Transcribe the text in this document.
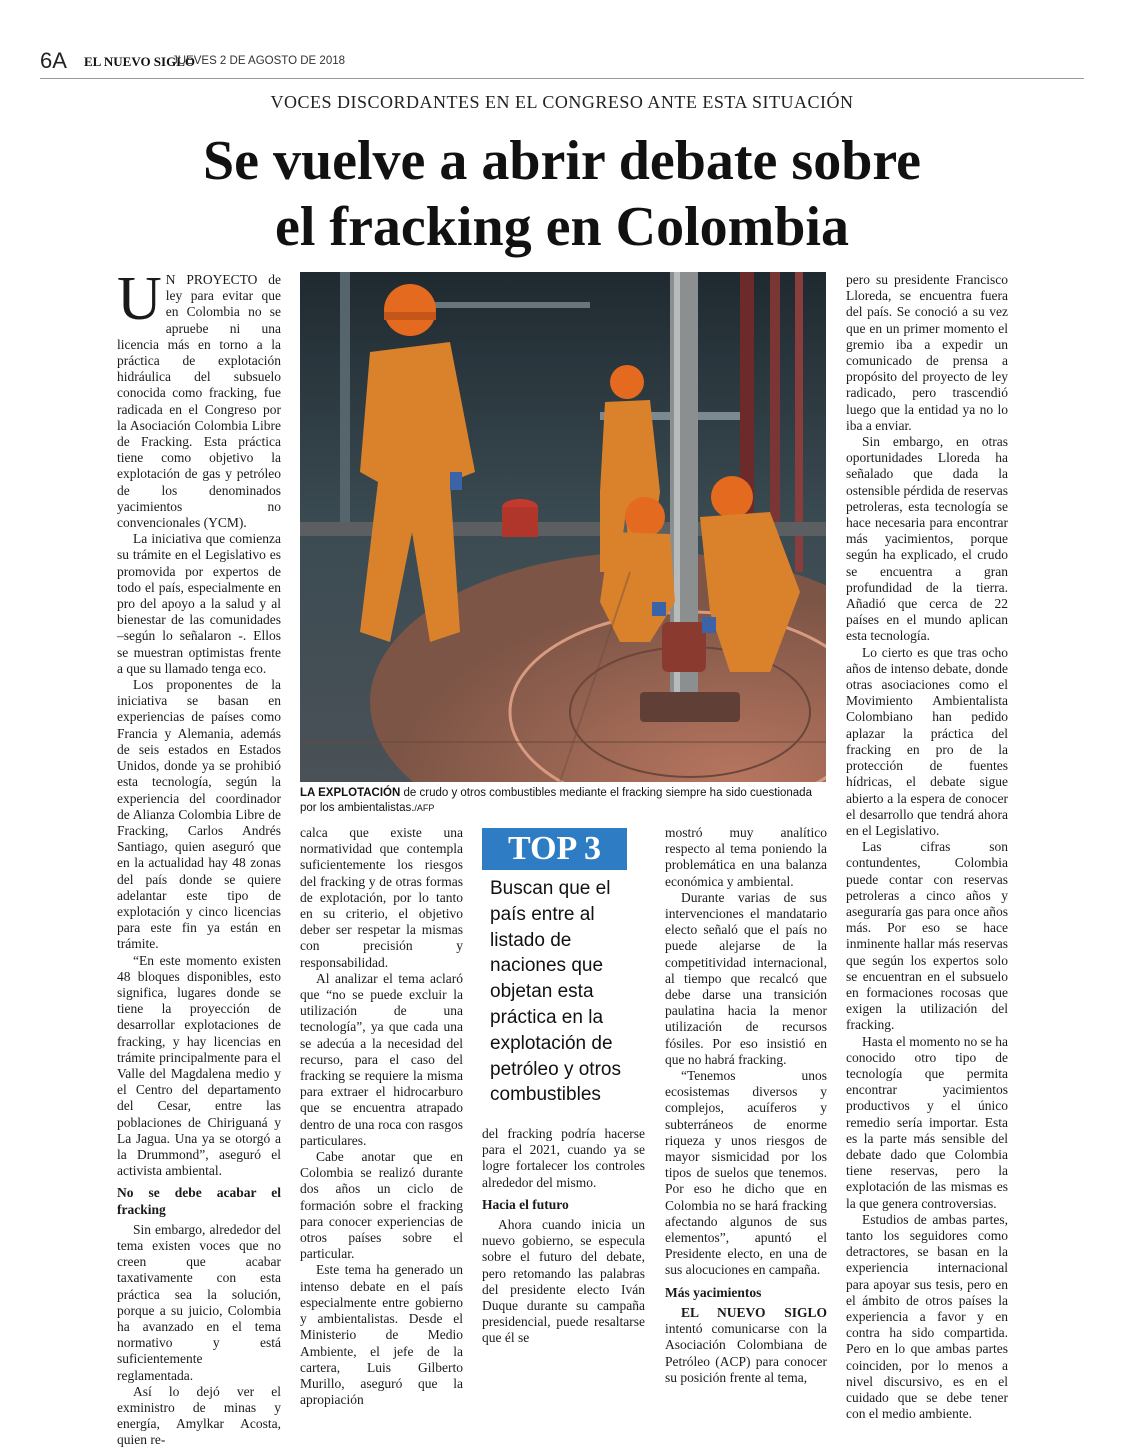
6A EL NUEVO SIGLO
JUEVES 2 DE AGOSTO DE 2018
VOCES DISCORDANTES EN EL CONGRESO ANTE ESTA SITUACIÓN
Se vuelve a abrir debate sobre
el fracking en Colombia

U N PROYECTO de ley para evitar que en Colombia no se apruebe ni una licencia más en torno a la práctica de explotación hidráulica del subsuelo conocida como fracking, fue radicada en el Congreso por la Asociación Colombia Libre de Fracking. Esta práctica tiene como objetivo la explotación de gas y petróleo de los denominados yacimientos no convencionales (YCM).

La iniciativa que comienza su trámite en el Legislativo es promovida por expertos de todo el país, especialmente en pro del apoyo a la salud y al bienestar de las comunidades –según lo señalaron -. Ellos se muestran optimistas frente a que su llamado tenga eco.

Los proponentes de la iniciativa se basan en experiencias de países como Francia y Alemania, además de seis estados en Estados Unidos, donde ya se prohibió esta tecnología, según la experiencia del coordinador de Alianza Colombia Libre de Fracking, Carlos Andrés Santiago, quien aseguró que en la actualidad hay 48 zonas del país donde se quiere adelantar este tipo de explotación y cinco licencias para este fin ya están en trámite.

“En este momento existen 48 bloques disponibles, esto significa, lugares donde se tiene la proyección de desarrollar explotaciones de fracking, y hay licencias en trámite principalmente para el Valle del Magdalena medio y el Centro del departamento del Cesar, entre las poblaciones de Chiriguaná y La Jagua. Una ya se otorgó a la Drummond”, aseguró el activista ambiental.

No se debe acabar el fracking

Sin embargo, alrededor del tema existen voces que no creen que acabar taxativamente con esta práctica sea la solución, porque a su juicio, Colombia ha avanzado en el tema normativo y está suficientemente reglamentada.

Así lo dejó ver el exministro de minas y energía, Amylkar Acosta, quien re-

LA EXPLOTACIÓN de crudo y otros combustibles mediante el fracking siempre ha sido cuestionada por los ambientalistas./AFP

calca que existe una normatividad que contempla suficientemente los riesgos del fracking y de otras formas de explotación, por lo tanto en su criterio, el objetivo deber ser respetar la mismas con precisión y responsabilidad.

Al analizar el tema aclaró que “no se puede excluir la utilización de una tecnología”, ya que cada una se adecúa a la necesidad del recurso, para el caso del fracking se requiere la misma para extraer el hidrocarburo que se encuentra atrapado dentro de una roca con rasgos particulares.

Cabe anotar que en Colombia se realizó durante dos años un ciclo de formación sobre el fracking para conocer experiencias de otros países sobre el particular.

Este tema ha generado un intenso debate en el país especialmente entre gobierno y ambientalistas. Desde el Ministerio de Medio Ambiente, el jefe de la cartera, Luis Gilberto Murillo, aseguró que la apropiación

TOP 3
Buscan que el país entre al listado de naciones que objetan esta práctica en la explotación de petróleo y otros combustibles

del fracking podría hacerse para el 2021, cuando ya se logre fortalecer los controles alrededor del mismo.

Hacia el futuro

Ahora cuando inicia un nuevo gobierno, se especula sobre el futuro del debate, pero retomando las palabras del presidente electo Iván Duque durante su campaña presidencial, puede resaltarse que él se

mostró muy analítico respecto al tema poniendo la problemática en una balanza económica y ambiental.

Durante varias de sus intervenciones el mandatario electo señaló que el país no puede alejarse de la competitividad internacional, al tiempo que recalcó que debe darse una transición paulatina hacia la menor utilización de recursos fósiles. Por eso insistió en que no habrá fracking.

“Tenemos unos ecosistemas diversos y complejos, acuíferos y subterráneos de enorme riqueza y unos riesgos de mayor sismicidad por los tipos de suelos que tenemos. Por eso he dicho que en Colombia no se hará fracking afectando algunos de sus elementos”, apuntó el Presidente electo, en una de sus alocuciones en campaña.

Más yacimientos

EL NUEVO SIGLO intentó comunicarse con la Asociación Colombiana de Petróleo (ACP) para conocer su posición frente al tema,

pero su presidente Francisco Lloreda, se encuentra fuera del país. Se conoció a su vez que en un primer momento el gremio iba a expedir un comunicado de prensa a propósito del proyecto de ley radicado, pero trascendió luego que la entidad ya no lo iba a enviar.

Sin embargo, en otras oportunidades Lloreda ha señalado que dada la ostensible pérdida de reservas petroleras, esta tecnología se hace necesaria para encontrar más yacimientos, porque según ha explicado, el crudo se encuentra a gran profundidad de la tierra. Añadió que cerca de 22 países en el mundo aplican esta tecnología.

Lo cierto es que tras ocho años de intenso debate, donde otras asociaciones como el Movimiento Ambientalista Colombiano han pedido aplazar la práctica del fracking en pro de la protección de fuentes hídricas, el debate sigue abierto a la espera de conocer el desarrollo que tendrá ahora en el Legislativo.

Las cifras son contundentes, Colombia puede contar con reservas petroleras a cinco años y aseguraría gas para once años más. Por eso se hace inminente hallar más reservas que según los expertos solo se encuentran en el subsuelo en formaciones rocosas que exigen la utilización del fracking.

Hasta el momento no se ha conocido otro tipo de tecnología que permita encontrar yacimientos productivos y el único remedio sería importar. Esta es la parte más sensible del debate dado que Colombia tiene reservas, pero la explotación de las mismas es la que genera controversias.

Estudios de ambas partes, tanto los seguidores como detractores, se basan en la experiencia internacional para apoyar sus tesis, pero en el ámbito de otros países la experiencia a favor y en contra ha sido compartida. Pero en lo que ambas partes coinciden, por lo menos a nivel discursivo, es en el cuidado que se debe tener con el medio ambiente.
